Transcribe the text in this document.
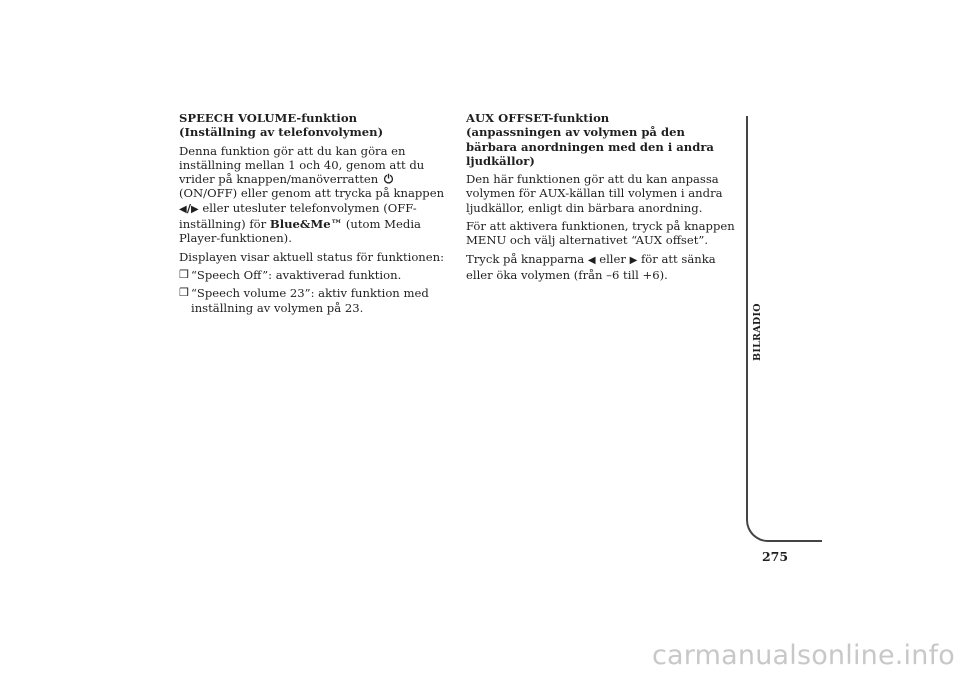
SPEECH VOLUME-funktion
(Inställning av telefonvolymen)

Denna funktion gör att du kan göra en inställning mellan 1 och 40, genom att du vrider på knappen/manöverratten  (ON/OFF) eller genom att trycka på knappen ◀/▶ eller utesluter telefonvolymen (OFF-inställning) för Blue&Me™ (utom Media Player-funktionen).

Displayen visar aktuell status för funktionen:

❒ “Speech Off”: avaktiverad funktion.

❒ “Speech volume 23”: aktiv funktion med inställning av volymen på 23.

AUX OFFSET-funktion
(anpassningen av volymen på den bärbara anordningen med den i andra ljudkällor)

Den här funktionen gör att du kan anpassa volymen för AUX-källan till volymen i andra ljudkällor, enligt din bärbara anordning.

För att aktivera funktionen, tryck på knappen MENU och välj alternativet “AUX offset”.

Tryck på knapparna ◀ eller ▶ för att sänka eller öka volymen (från –6 till +6).

BILRADIO
275
carmanualsonline.info
